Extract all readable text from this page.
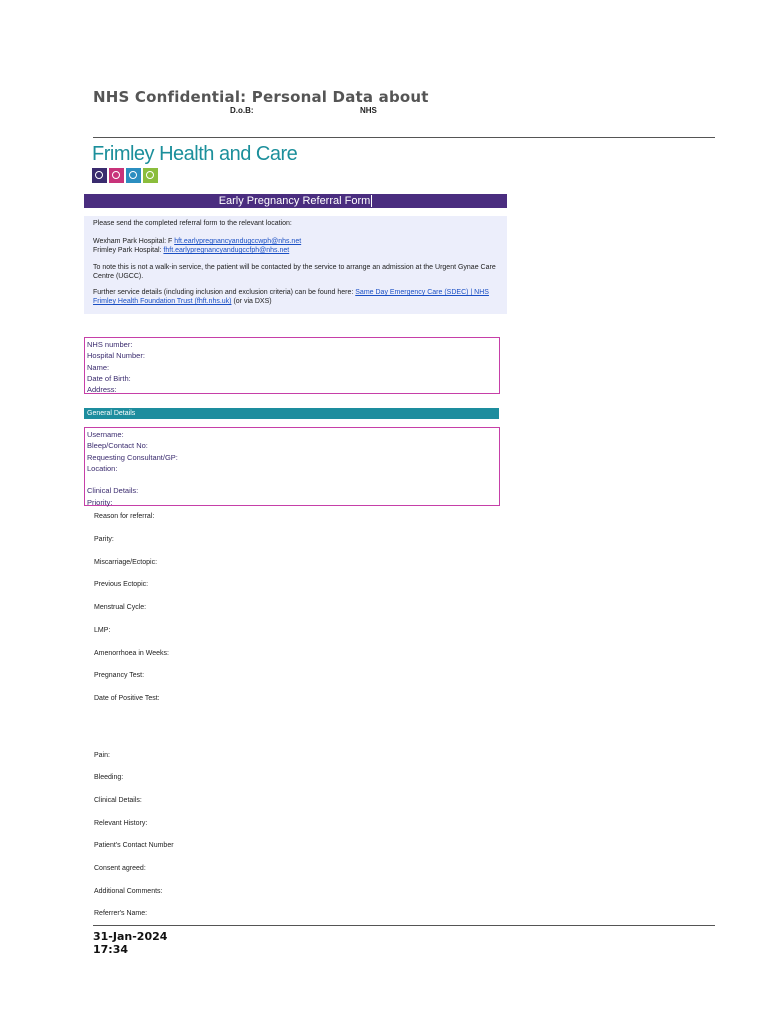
NHS Confidential: Personal Data about
D.o.B:	NHS
Frimley Health and Care
Early Pregnancy Referral Form

Please send the completed referral form to the relevant location:

Wexham Park Hospital: F hft.earlypregnancyandugccwph@nhs.net

Frimley Park Hospital: fhft.earlypregnancyandugccfph@nhs.net

To note this is not a walk-in service, the patient will be contacted by the service to arrange an admission at the Urgent Gynae Care Centre (UGCC).

Further service details (including inclusion and exclusion criteria) can be found here: Same Day Emergency Care (SDEC) | NHS Frimley Health Foundation Trust (fhft.nhs.uk) (or via DXS)

NHS number:
Hospital Number:
Name:
Date of Birth:
Address:
General Details
Username:
Bleep/Contact No:
Requesting Consultant/GP:
Location:
Clinical Details:
Priority:
Reason for referral:
Parity:
Miscarriage/Ectopic:
Previous Ectopic:
Menstrual Cycle:
LMP:
Amenorrhoea in Weeks:
Pregnancy Test:
Date of Positive Test:
Pain:
Bleeding:
Clinical Details:
Relevant History:
Patient's Contact Number
Consent agreed:
Additional Comments:
Referrer's Name:
31-Jan-2024
17:34
